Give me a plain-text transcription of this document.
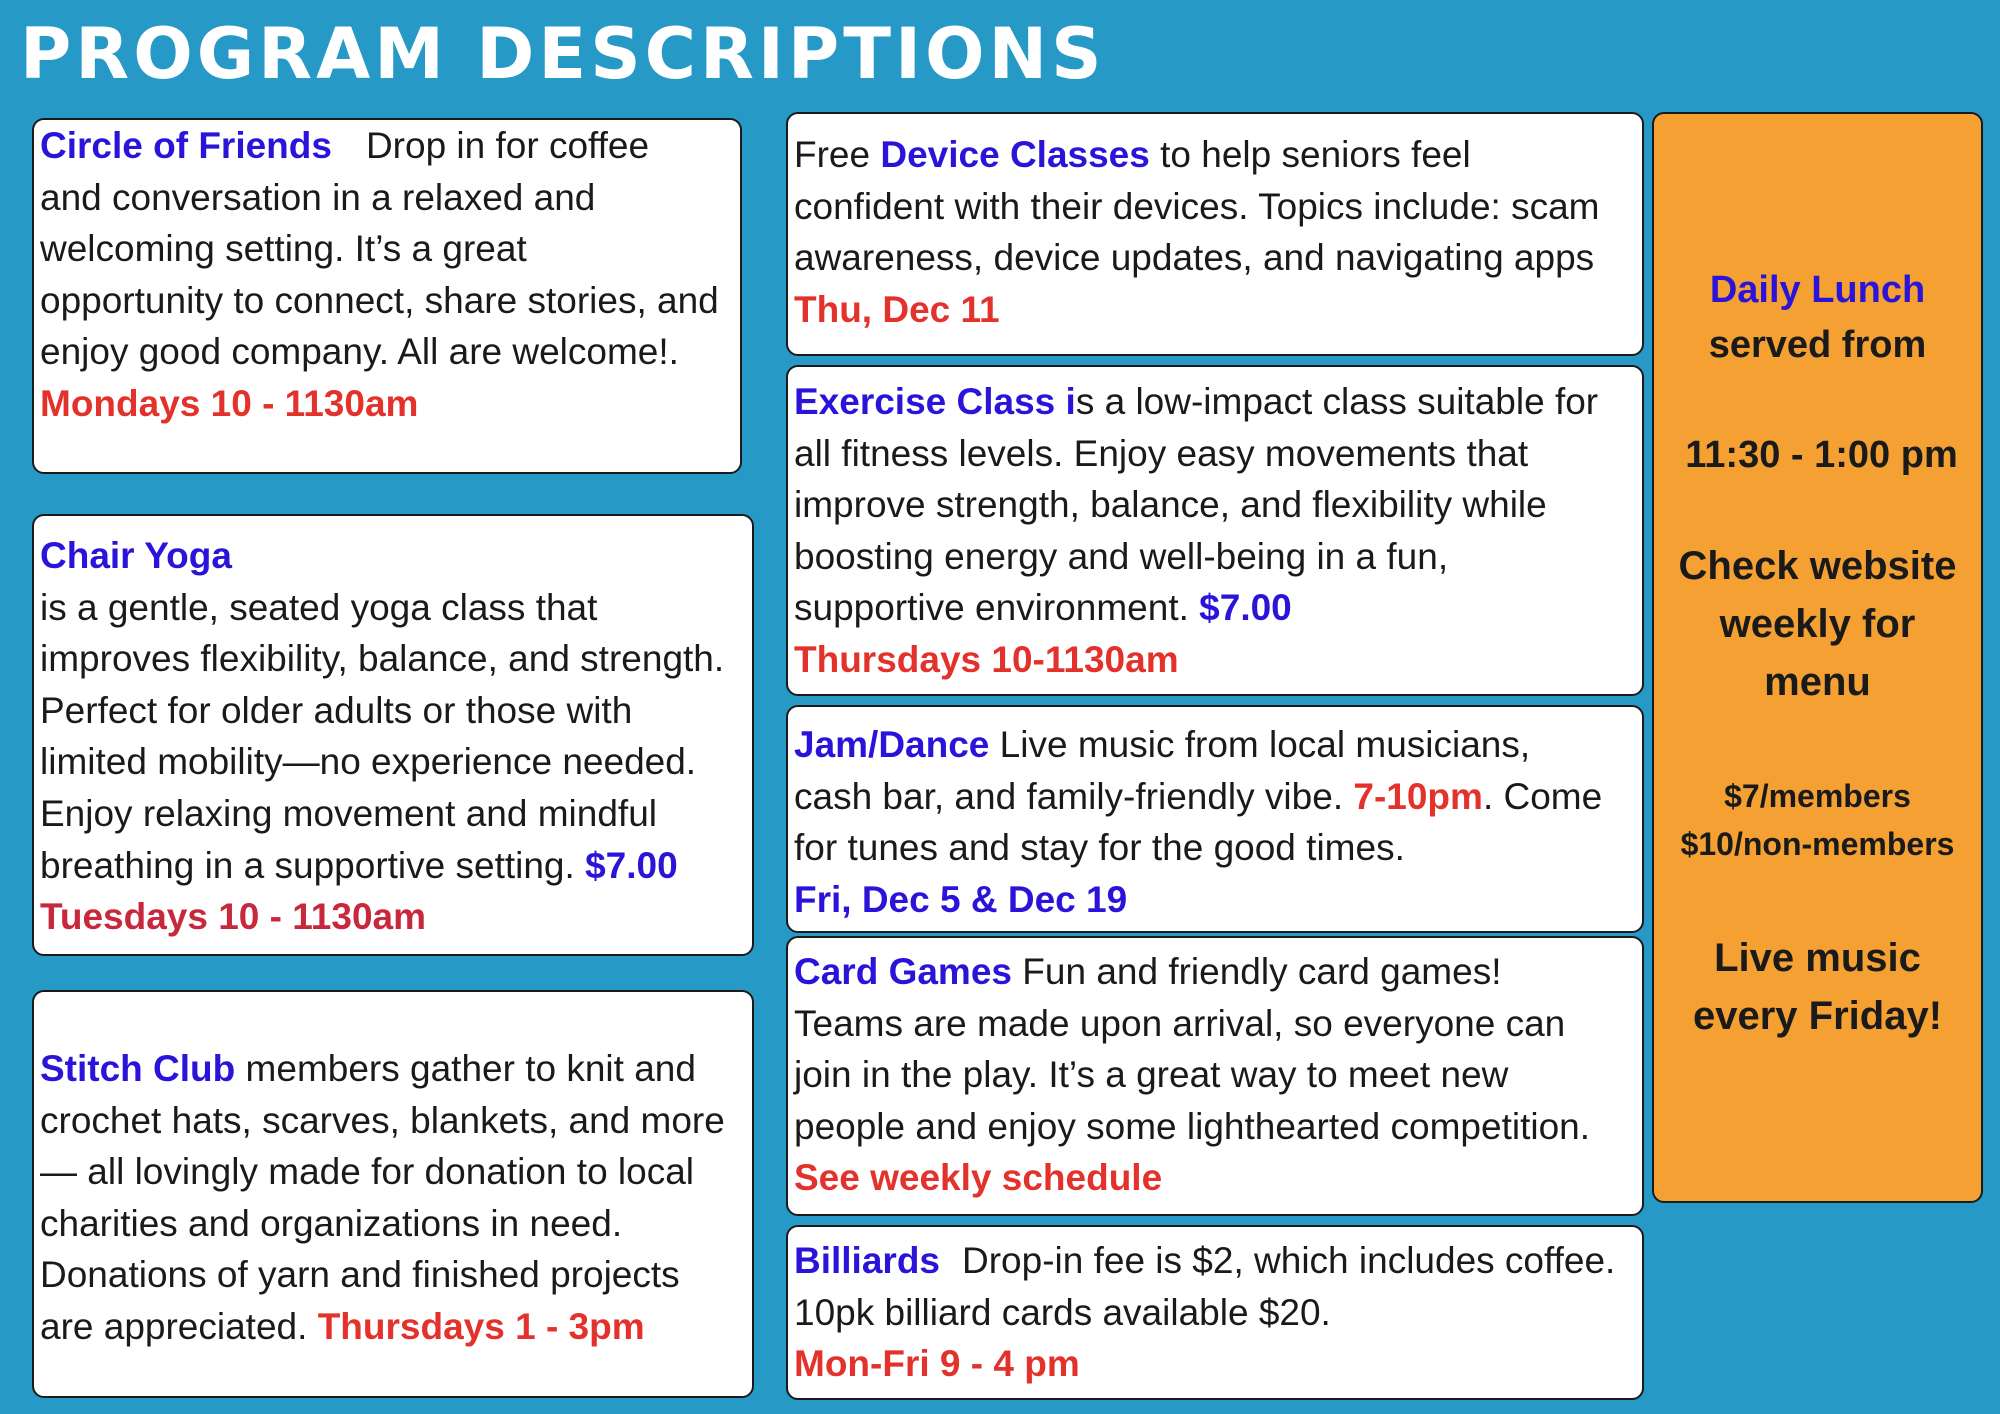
PROGRAM DESCRIPTIONS
Circle of Friends Drop in for coffee
and conversation in a relaxed and
welcoming setting. It’s a great
opportunity to connect, share stories, and
enjoy good company. All are welcome!.
Mondays 10 - 1130am
Chair Yoga
is a gentle, seated yoga class that
improves flexibility, balance, and strength.
Perfect for older adults or those with
limited mobility—no experience needed.
Enjoy relaxing movement and mindful
breathing in a supportive setting. $7.00
Tuesdays 10 - 1130am
Stitch Club members gather to knit and
crochet hats, scarves, blankets, and more
— all lovingly made for donation to local
charities and organizations in need.
Donations of yarn and finished projects
are appreciated. Thursdays 1 - 3pm
Free Device Classes to help seniors feel
confident with their devices. Topics include: scam
awareness, device updates, and navigating apps
Thu, Dec 11
Exercise Class is a low-impact class suitable for
all fitness levels. Enjoy easy movements that
improve strength, balance, and flexibility while
boosting energy and well-being in a fun,
supportive environment. $7.00
Thursdays 10-1130am
Jam/Dance Live music from local musicians,
cash bar, and family-friendly vibe. 7-10pm. Come
for tunes and stay for the good times.
Fri, Dec 5 & Dec 19
Card Games Fun and friendly card games!
Teams are made upon arrival, so everyone can
join in the play. It’s a great way to meet new
people and enjoy some lighthearted competition.
See weekly schedule
Billiards Drop-in fee is $2, which includes coffee.
10pk billiard cards available $20.
Mon-Fri 9 - 4 pm
Daily Lunch
served from
11:30 - 1:00 pm
Check website
weekly for
menu
$7/members
$10/non-members
Live music
every Friday!
